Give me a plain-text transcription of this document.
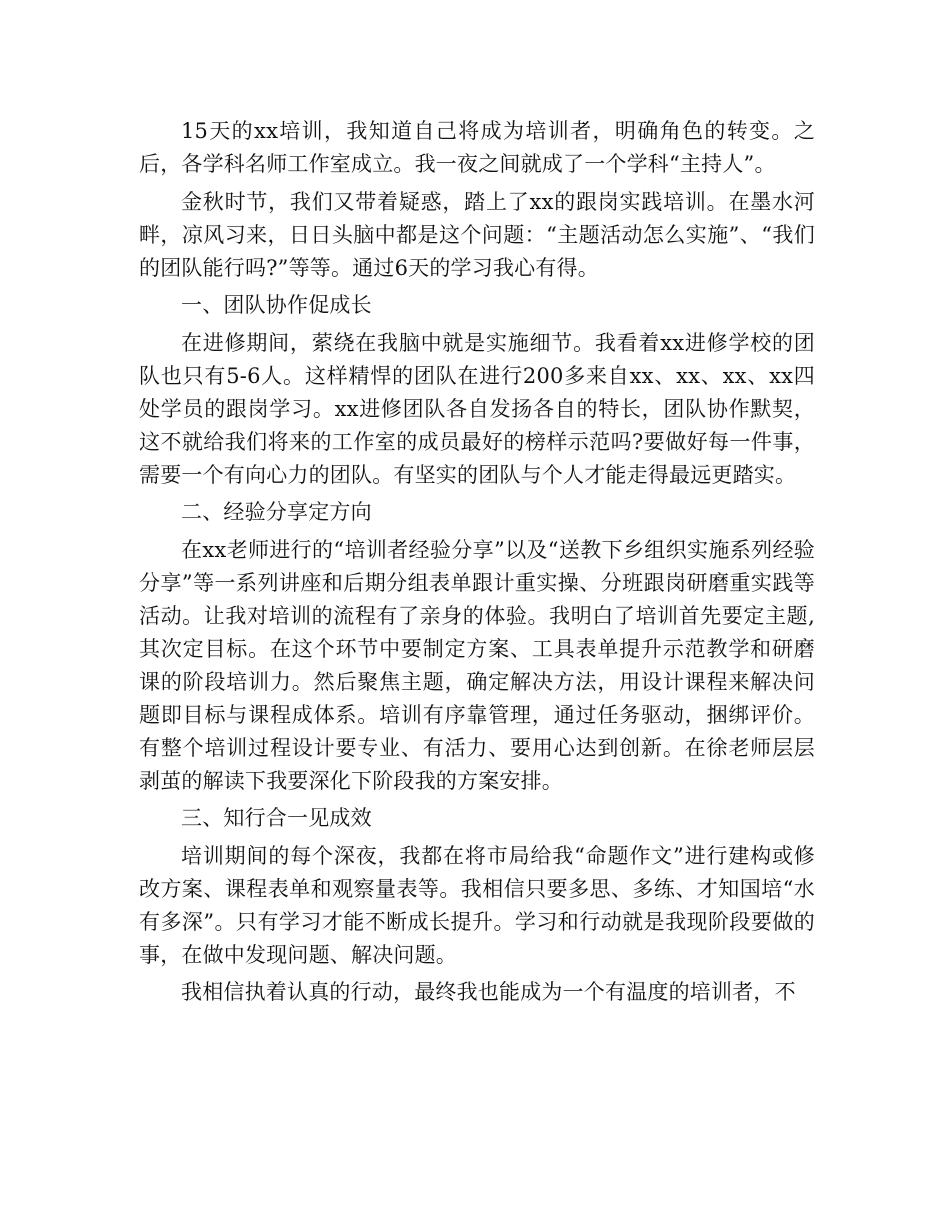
15天的xx培训，我知道自己将成为培训者，明确角色的转变。之后，各学科名师工作室成立。我一夜之间就成了一个学科“主持人”。

金秋时节，我们又带着疑惑，踏上了xx的跟岗实践培训。在墨水河畔，凉风习来，日日头脑中都是这个问题：“主题活动怎么实施”、“我们的团队能行吗?”等等。通过6天的学习我心有得。

一、团队协作促成长

在进修期间，萦绕在我脑中就是实施细节。我看着xx进修学校的团队也只有5-6人。这样精悍的团队在进行200多来自xx、xx、xx、xx四处学员的跟岗学习。xx进修团队各自发扬各自的特长，团队协作默契，这不就给我们将来的工作室的成员最好的榜样示范吗?要做好每一件事，需要一个有向心力的团队。有坚实的团队与个人才能走得最远更踏实。

二、经验分享定方向

在xx老师进行的“培训者经验分享”以及“送教下乡组织实施系列经验分享”等一系列讲座和后期分组表单跟计重实操、分班跟岗研磨重实践等活动。让我对培训的流程有了亲身的体验。我明白了培训首先要定主题,其次定目标。在这个环节中要制定方案、工具表单提升示范教学和研磨课的阶段培训力。然后聚焦主题，确定解决方法，用设计课程来解决问题即目标与课程成体系。培训有序靠管理，通过任务驱动，捆绑评价。有整个培训过程设计要专业、有活力、要用心达到创新。在徐老师层层剥茧的解读下我要深化下阶段我的方案安排。

三、知行合一见成效

培训期间的每个深夜，我都在将市局给我“命题作文”进行建构或修改方案、课程表单和观察量表等。我相信只要多思、多练、才知国培“水有多深”。只有学习才能不断成长提升。学习和行动就是我现阶段要做的事，在做中发现问题、解决问题。

我相信执着认真的行动，最终我也能成为一个有温度的培训者，不
